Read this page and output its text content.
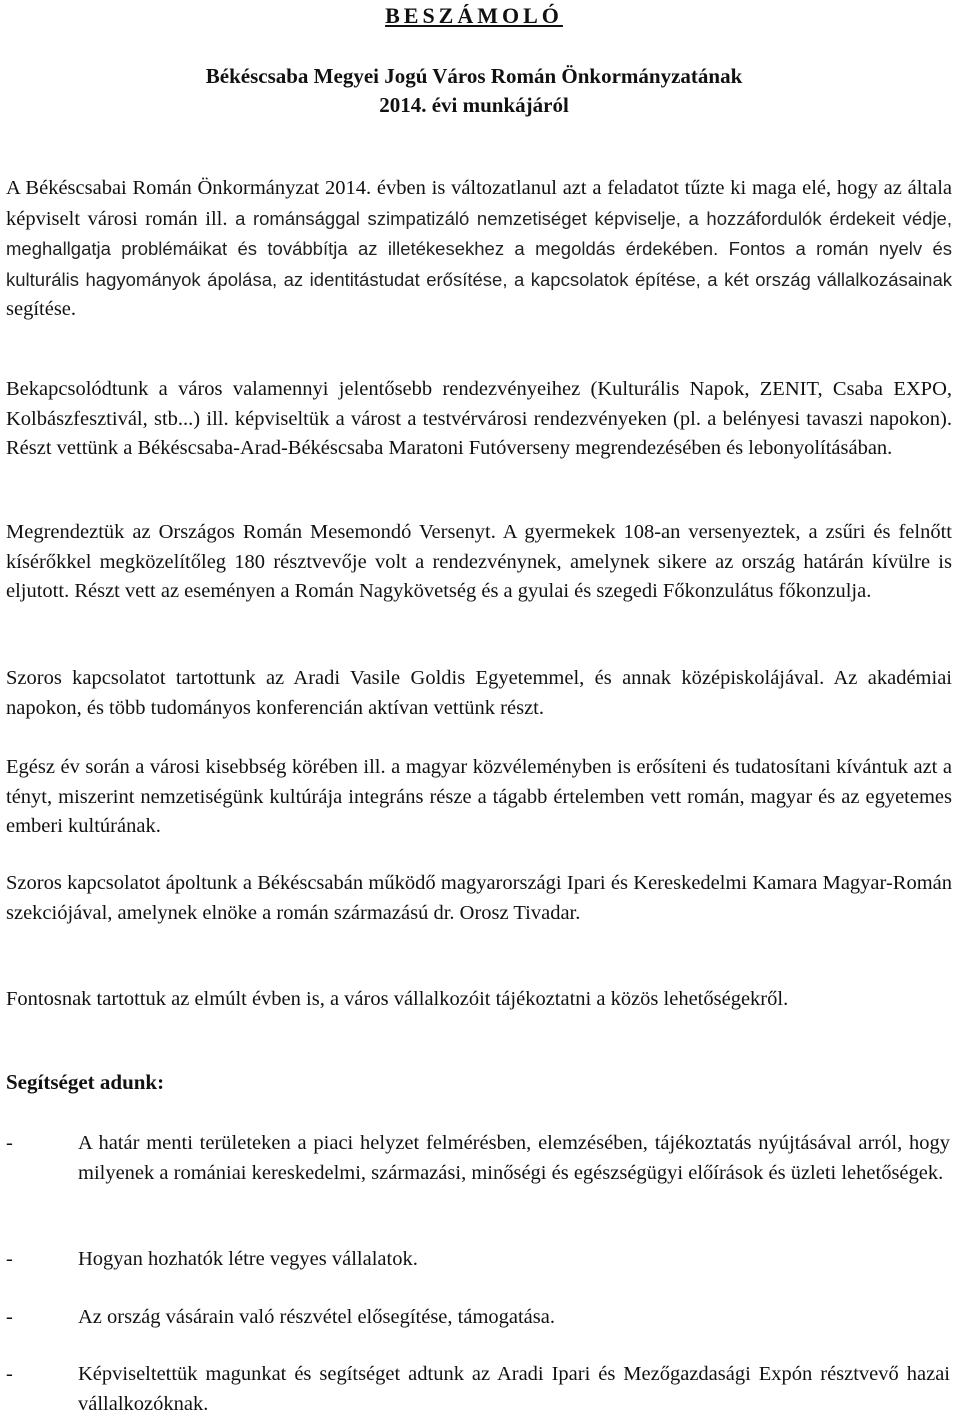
BESZÁMOLÓ
Békéscsaba Megyei Jogú Város Román Önkormányzatának
2014. évi munkájáról

A Békéscsabai Román Önkormányzat 2014. évben is változatlanul azt a feladatot tűzte ki maga elé, hogy az általa képviselt városi román ill. a románsággal szimpatizáló nemzetiséget képviselje, a hozzáfordulók érdekeit védje, meghallgatja problémáikat és továbbítja az illetékesekhez a megoldás érdekében. Fontos a román nyelv és kulturális hagyományok ápolása, az identitástudat erősítése, a kapcsolatok építése, a két ország vállalkozásainak segítése.

Bekapcsolódtunk a város valamennyi jelentősebb rendezvényeihez (Kulturális Napok, ZENIT, Csaba EXPO, Kolbászfesztivál, stb...) ill. képviseltük a várost a testvérvárosi rendezvényeken (pl. a belényesi tavaszi napokon). Részt vettünk a Békéscsaba-Arad-Békéscsaba Maratoni Futóverseny megrendezésében és lebonyolításában.

Megrendeztük az Országos Román Mesemondó Versenyt. A gyermekek 108-an versenyeztek, a zsűri és felnőtt kísérőkkel megközelítőleg 180 résztvevője volt a rendezvénynek, amelynek sikere az ország határán kívülre is eljutott. Részt vett az eseményen a Román Nagykövetség és a gyulai és szegedi Főkonzulátus főkonzulja.

Szoros kapcsolatot tartottunk az Aradi Vasile Goldis Egyetemmel, és annak középiskolájával. Az akadémiai napokon, és több tudományos konferencián aktívan vettünk részt.

Egész év során a városi kisebbség körében ill. a magyar közvéleményben is erősíteni és tudatosítani kívántuk azt a tényt, miszerint nemzetiségünk kultúrája integráns része a tágabb értelemben vett román, magyar és az egyetemes emberi kultúrának.

Szoros kapcsolatot ápoltunk a Békéscsabán működő magyarországi Ipari és Kereskedelmi Kamara Magyar-Román szekciójával, amelynek elnöke a román származású dr. Orosz Tivadar.

Fontosnak tartottuk az elmúlt évben is, a város vállalkozóit tájékoztatni a közös lehetőségekről.

Segítséget adunk:
-	A határ menti területeken a piaci helyzet felmérésben, elemzésében, tájékoztatás nyújtásával arról, hogy milyenek a romániai kereskedelmi, származási, minőségi és egészségügyi előírások és üzleti lehetőségek.
-	Hogyan hozhatók létre vegyes vállalatok.
-	Az ország vásárain való részvétel elősegítése, támogatása.
-	Képviseltettük magunkat és segítséget adtunk az Aradi Ipari és Mezőgazdasági Expón résztvevő hazai vállalkozóknak.
